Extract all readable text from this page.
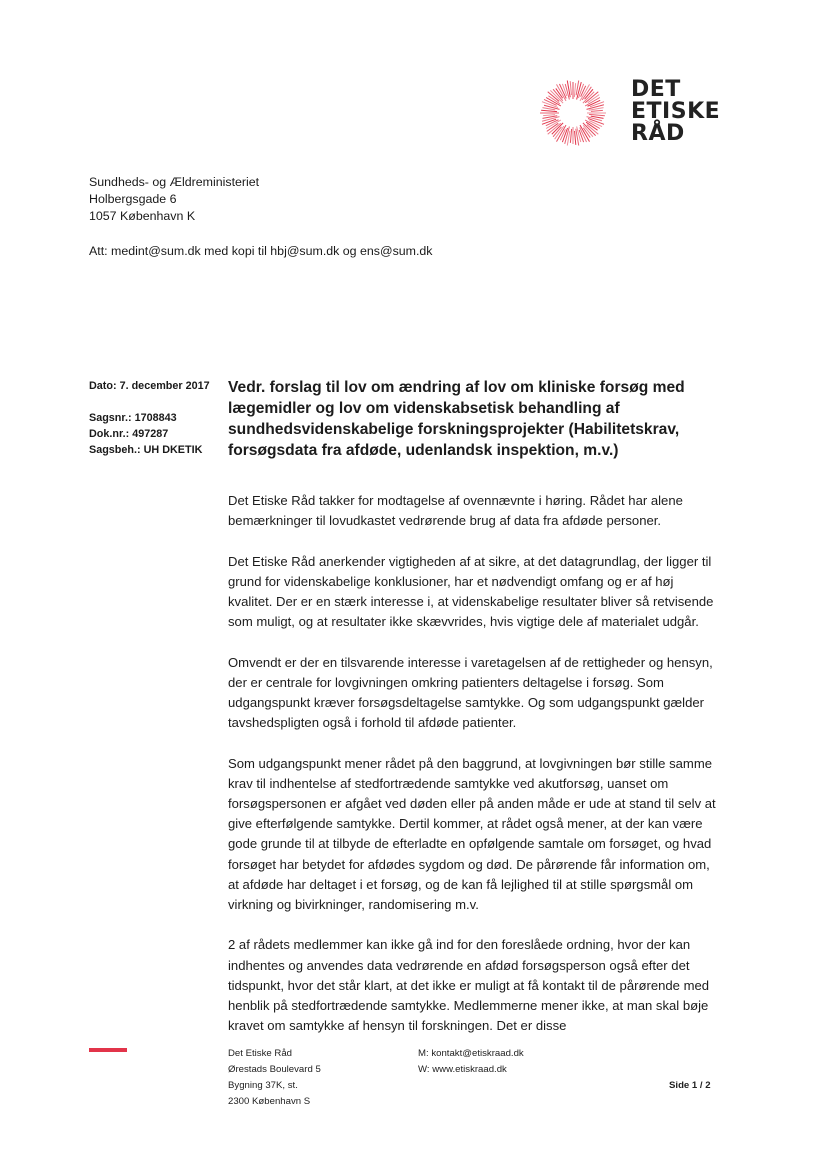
DET
ETISKE
RÅD
Sundheds- og Ældreministeriet
Holbergsgade 6
1057 København K
Att: medint@sum.dk med kopi til hbj@sum.dk og ens@sum.dk
Dato: 7. december 2017
Sagsnr.: 1708843
Dok.nr.: 497287
Sagsbeh.: UH DKETIK
Vedr. forslag til lov om ændring af lov om kliniske forsøg med lægemidler og lov om videnskabsetisk behandling af sundhedsvidenskabelige forskningsprojekter (Habilitetskrav, forsøgsdata fra afdøde, udenlandsk inspektion, m.v.)

Det Etiske Råd takker for modtagelse af ovennævnte i høring. Rådet har alene bemærkninger til lovudkastet vedrørende brug af data fra afdøde personer.

Det Etiske Råd anerkender vigtigheden af at sikre, at det datagrundlag, der ligger til grund for videnskabelige konklusioner, har et nødvendigt omfang og er af høj kvalitet. Der er en stærk interesse i, at videnskabelige resultater bliver så retvisende som muligt, og at resultater ikke skævvrides, hvis vigtige dele af materialet udgår.

Omvendt er der en tilsvarende interesse i varetagelsen af de rettigheder og hensyn, der er centrale for lovgivningen omkring patienters deltagelse i forsøg. Som udgangspunkt kræver forsøgsdeltagelse samtykke. Og som udgangspunkt gælder tavshedspligten også i forhold til afdøde patienter.

Som udgangspunkt mener rådet på den baggrund, at lovgivningen bør stille samme krav til indhentelse af stedfortrædende samtykke ved akutforsøg, uanset om forsøgspersonen er afgået ved døden eller på anden måde er ude at stand til selv at give efterfølgende samtykke. Dertil kommer, at rådet også mener, at der kan være gode grunde til at tilbyde de efterladte en opfølgende samtale om forsøget, og hvad forsøget har betydet for afdødes sygdom og død. De pårørende får information om, at afdøde har deltaget i et forsøg, og de kan få lejlighed til at stille spørgsmål om virkning og bivirkninger, randomisering m.v.

2 af rådets medlemmer kan ikke gå ind for den foreslåede ordning, hvor der kan indhentes og anvendes data vedrørende en afdød forsøgsperson også efter det tidspunkt, hvor det står klart, at det ikke er muligt at få kontakt til de pårørende med henblik på stedfortrædende samtykke. Medlemmerne mener ikke, at man skal bøje kravet om samtykke af hensyn til forskningen. Det er disse

Det Etiske Råd
Ørestads Boulevard 5
Bygning 37K, st.
2300 København S
M: kontakt@etiskraad.dk
W: www.etiskraad.dk
Side 1 / 2
